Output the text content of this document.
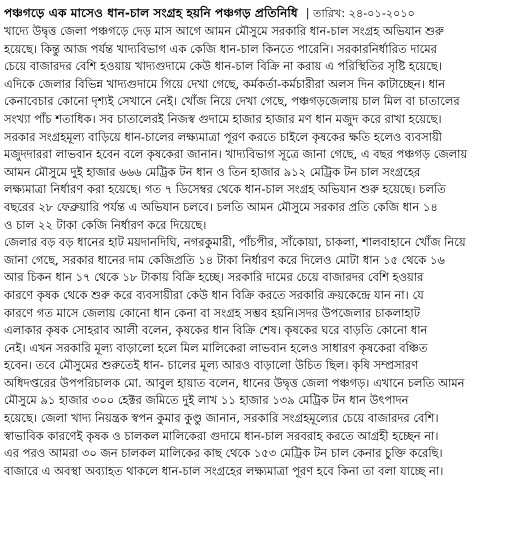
পঞ্চগড়ে এক মাসেও ধান-চাল সংগ্রহ হয়নি পঞ্চগড় প্রতিনিধি | তারিখ: ২৪-০১-২০১০
খাদ্যে উদ্বৃত্ত জেলা পঞ্চগড়ে দেড় মাস আগে আমন মৌসুমে সরকারি ধান-চাল সংগ্রহ অভিযান শুরু
হয়েছে। কিন্তু আজ পর্যন্ত খাদ্যবিভাগ এক কেজি ধান-চাল কিনতে পারেনি। সরকারনির্ধারিত দামের
চেয়ে বাজারদর বেশি হওয়ায় খাদ্যগুদামে কেউ ধান-চাল বিক্রি না করায় এ পরিস্থিতির সৃষ্টি হয়েছে।
এদিকে জেলার বিভিন্ন খাদ্যগুদামে গিয়ে দেখা গেছে, কর্মকর্তা-কর্মচারীরা অলস দিন কাটাচ্ছেন। ধান
কেনাবেচার কোনো দৃশ্যই সেখানে নেই। খোঁজ নিয়ে দেখা গেছে, পঞ্চগড়জেলায় চাল মিল বা চাতালের
সংখ্যা পাঁচ শতাধিক। সব চাতালেরই নিজস্ব গুদামে হাজার হাজার মণ ধান মজুদ করে রাখা হয়েছে।
সরকার সংগ্রহমূল্য বাড়িয়ে ধান-চালের লক্ষ্যমাত্রা পূরণ করতে চাইলে কৃষকের ক্ষতি হলেও ব্যবসায়ী
মজুদদাররা লাভবান হবেন বলে কৃষকেরা জানান। খাদ্যবিভাগ সূত্রে জানা গেছে, এ বছর পঞ্চগড় জেলায়
আমন মৌসুমে দুই হাজার ৬৬৬ মেট্রিক টন ধান ও তিন হাজার ৯১২ মেট্রিক টন চাল সংগ্রহের
লক্ষ্যমাত্রা নির্ধারণ করা হয়েছে। গত ৭ ডিসেম্বর থেকে ধান-চাল সংগ্রহ অভিযান শুরু হয়েছে। চলতি
বছরের ২৮ ফেব্রুয়ারি পর্যন্ত এ অভিযান চলবে। চলতি আমন মৌসুমে সরকার প্রতি কেজি ধান ১৪
ও চাল ২২ টাকা কেজি নির্ধারণ করে দিয়েছে।
জেলার বড় বড় ধানের হাট ময়দানদিঘি, নগরকুমারী, পাঁচপীর, সাঁকোয়া, চাকলা, শালবাহানে খোঁজ নিয়ে
জানা গেছে, সরকার ধানের দাম কেজিপ্রতি ১৪ টাকা নির্ধারণ করে দিলেও মোটা ধান ১৫ থেকে ১৬
আর চিকন ধান ১৭ থেকে ১৮ টাকায় বিক্রি হচ্ছে। সরকারি দামের চেয়ে বাজারদর বেশি হওয়ার
কারণে কৃষক থেকে শুরু করে ব্যবসায়ীরা কেউ ধান বিক্রি করতে সরকারি ক্রয়কেন্দ্রে যান না। যে
কারণে গত মাসে জেলায় কোনো ধান কেনা বা সংগ্রহ সম্ভব হয়নি।সদর উপজেলার চাকলাহাট
এলাকার কৃষক সোহরাব আলী বলেন, কৃষকের ধান বিক্রি শেষ। কৃষকের ঘরে বাড়তি কোনো ধান
নেই। এখন সরকারি মূল্য বাড়ালো হলে মিল মালিকেরা লাভবান হলেও সাধারণ কৃষকেরা বঞ্চিত
হবেন। তবে মৌসুমের শুরুতেই ধান- চালের মূল্য আরও বাড়ালো উচিত ছিল। কৃষি সম্প্রসারণ
অধিদপ্তরের উপপরিচালক মো. আবুল হায়াত বলেন, ধানের উদ্বৃত্ত জেলা পঞ্চগড়। এখানে চলতি আমন
মৌসুমে ৯১ হাজার ৩০০ হেক্টর জমিতে দুই লাখ ১১ হাজার ১৩৯ মেট্রিক টন ধান উৎপাদন
হয়েছে। জেলা খাদ্য নিয়ন্ত্রক স্বপন কুমার কুণ্ডু জানান, সরকারি সংগ্রহমূল্যের চেয়ে বাজারদর বেশি।
স্বাভাবিক কারণেই কৃষক ও চালকল মালিকেরা গুদামে ধান-চাল সরবরাহ করতে আগ্রহী হচ্ছেন না।
এর পরও আমরা ৩০ জন চালকল মালিকের কাছ থেকে ১৫৩ মেট্রিক টন চাল কেনার চুক্তি করেছি।
বাজারে এ অবস্থা অব্যাহত থাকলে ধান-চাল সংগ্রহের লক্ষ্যমাত্রা পূরণ হবে কিনা তা বলা যাচ্ছে না।
